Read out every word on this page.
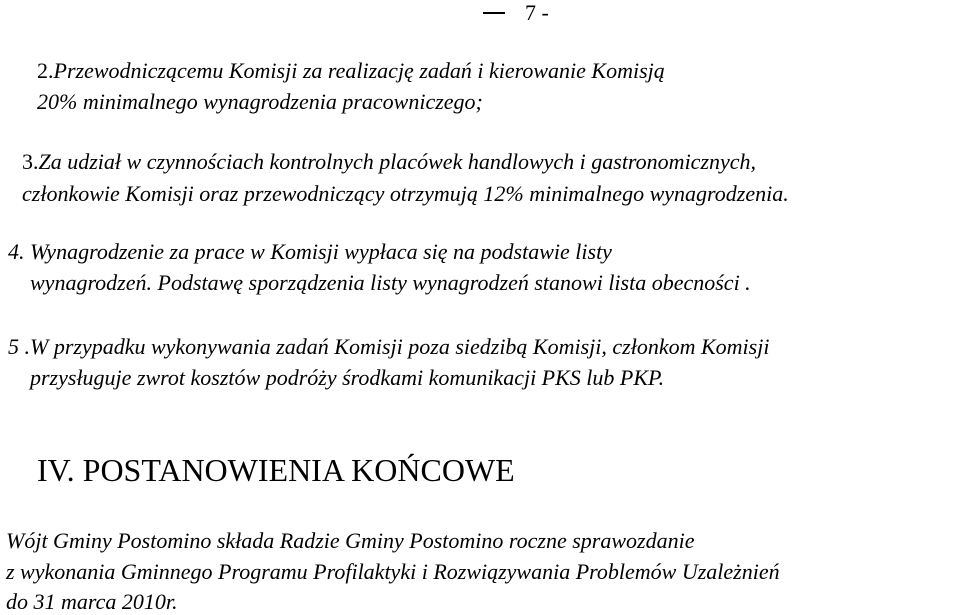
7 -
2.Przewodniczącemu Komisji za realizację zadań i kierowanie Komisją
20% minimalnego wynagrodzenia pracowniczego;
3.Za udział w czynnościach kontrolnych placówek handlowych i gastronomicznych,
członkowie Komisji oraz przewodniczący otrzymują 12% minimalnego wynagrodzenia.
4. Wynagrodzenie za prace w Komisji wypłaca się na podstawie listy
wynagrodzeń. Podstawę sporządzenia listy wynagrodzeń stanowi lista obecności .
5 .W przypadku wykonywania zadań Komisji poza siedzibą Komisji, członkom Komisji
przysługuje zwrot kosztów podróży środkami komunikacji PKS lub PKP.
IV. POSTANOWIENIA KOŃCOWE
Wójt Gminy Postomino składa Radzie Gminy Postomino roczne sprawozdanie
z wykonania Gminnego Programu Profilaktyki i Rozwiązywania Problemów Uzależnień
do 31 marca 2010r.
